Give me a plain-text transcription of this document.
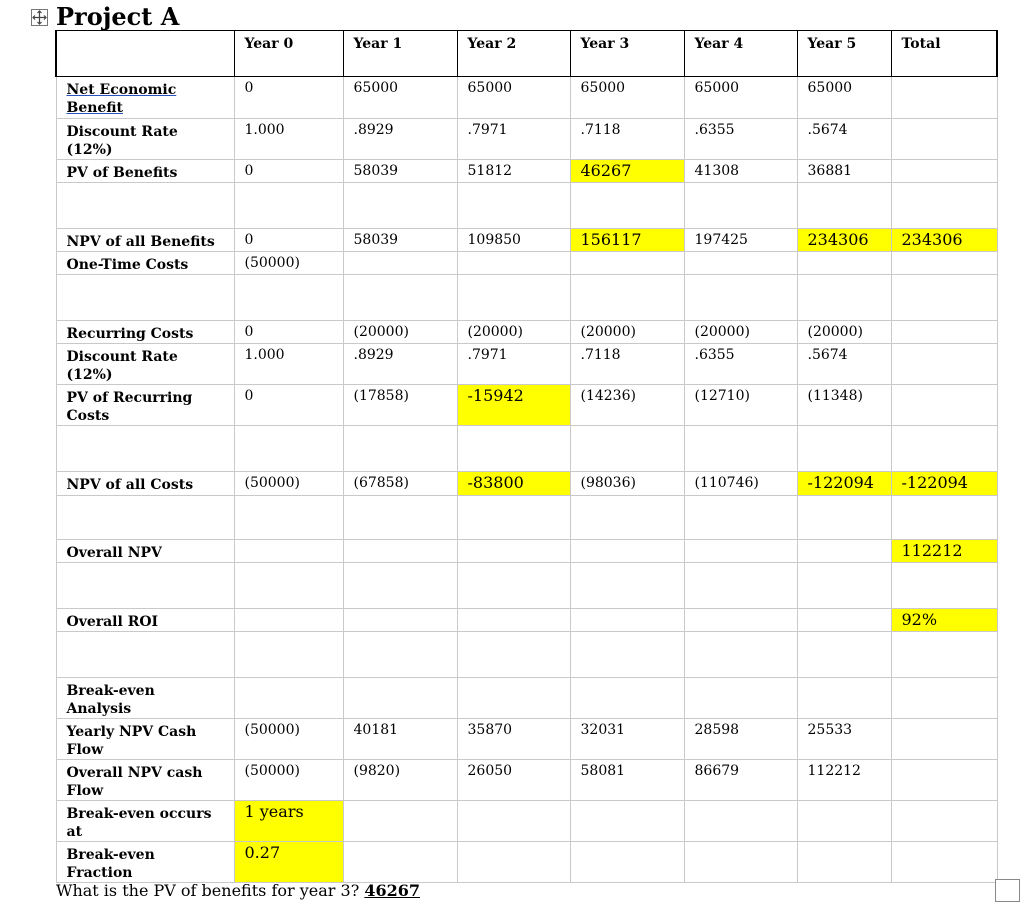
Project A
	Year 0	Year 1	Year 2	Year 3	Year 4	Year 5	Total
Net Economic Benefit	0	65000	65000	65000	65000	65000	
Discount Rate (12%)	1.000	.8929	.7971	.7118	.6355	.5674	
PV of Benefits	0	58039	51812	46267	41308	36881	

NPV of all Benefits	0	58039	109850	156117	197425	234306	234306
One-Time Costs	(50000)						

Recurring Costs	0	(20000)	(20000)	(20000)	(20000)	(20000)	
Discount Rate (12%)	1.000	.8929	.7971	.7118	.6355	.5674	
PV of Recurring Costs	0	(17858)	-15942	(14236)	(12710)	(11348)	

NPV of all Costs	(50000)	(67858)	-83800	(98036)	(110746)	-122094	-122094

Overall NPV							112212

Overall ROI							92%

Break-even Analysis							
Yearly NPV Cash Flow	(50000)	40181	35870	32031	28598	25533	
Overall NPV cash Flow	(50000)	(9820)	26050	58081	86679	112212	
Break-even occurs at	1 years						
Break-even Fraction	0.27						
What is the PV of benefits for year 3? 46267
